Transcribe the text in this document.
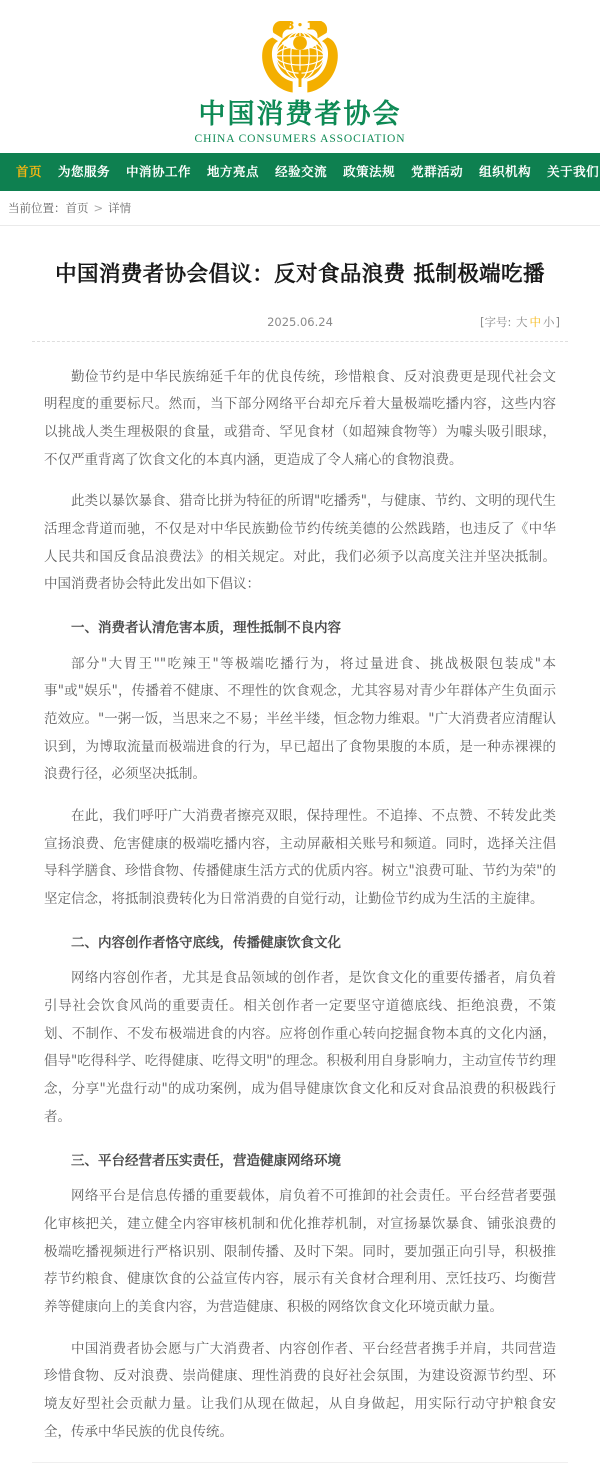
3 15
中国消费者协会
CHINA CONSUMERS ASSOCIATION
首页	为您服务	中消协工作	地方亮点	经验交流	政策法规	党群活动	组织机构	关于我们
当前位置：首页 > 详情
中国消费者协会倡议：反对食品浪费 抵制极端吃播
2025.06.24	[字号: 大 中 小]

勤俭节约是中华民族绵延千年的优良传统，珍惜粮食、反对浪费更是现代社会文明程度的重要标尺。然而，当下部分网络平台却充斥着大量极端吃播内容，这些内容以挑战人类生理极限的食量，或猎奇、罕见食材（如超辣食物等）为噱头吸引眼球，不仅严重背离了饮食文化的本真内涵，更造成了令人痛心的食物浪费。

此类以暴饮暴食、猎奇比拼为特征的所谓"吃播秀"，与健康、节约、文明的现代生活理念背道而驰，不仅是对中华民族勤俭节约传统美德的公然践踏，也违反了《中华人民共和国反食品浪费法》的相关规定。对此，我们必须予以高度关注并坚决抵制。中国消费者协会特此发出如下倡议：

一、消费者认清危害本质，理性抵制不良内容

部分"大胃王""吃辣王"等极端吃播行为，将过量进食、挑战极限包装成"本事"或"娱乐"，传播着不健康、不理性的饮食观念，尤其容易对青少年群体产生负面示范效应。"一粥一饭，当思来之不易；半丝半缕，恒念物力维艰。"广大消费者应清醒认识到，为博取流量而极端进食的行为，早已超出了食物果腹的本质，是一种赤裸裸的浪费行径，必须坚决抵制。

在此，我们呼吁广大消费者擦亮双眼，保持理性。不追捧、不点赞、不转发此类宣扬浪费、危害健康的极端吃播内容，主动屏蔽相关账号和频道。同时，选择关注倡导科学膳食、珍惜食物、传播健康生活方式的优质内容。树立"浪费可耻、节约为荣"的坚定信念，将抵制浪费转化为日常消费的自觉行动，让勤俭节约成为生活的主旋律。

二、内容创作者恪守底线，传播健康饮食文化

网络内容创作者，尤其是食品领域的创作者，是饮食文化的重要传播者，肩负着引导社会饮食风尚的重要责任。相关创作者一定要坚守道德底线、拒绝浪费，不策划、不制作、不发布极端进食的内容。应将创作重心转向挖掘食物本真的文化内涵，倡导"吃得科学、吃得健康、吃得文明"的理念。积极利用自身影响力，主动宣传节约理念，分享"光盘行动"的成功案例，成为倡导健康饮食文化和反对食品浪费的积极践行者。

三、平台经营者压实责任，营造健康网络环境

网络平台是信息传播的重要载体，肩负着不可推卸的社会责任。平台经营者要强化审核把关，建立健全内容审核机制和优化推荐机制，对宣扬暴饮暴食、铺张浪费的极端吃播视频进行严格识别、限制传播、及时下架。同时，要加强正向引导，积极推荐节约粮食、健康饮食的公益宣传内容，展示有关食材合理利用、烹饪技巧、均衡营养等健康向上的美食内容，为营造健康、积极的网络饮食文化环境贡献力量。

中国消费者协会愿与广大消费者、内容创作者、平台经营者携手并肩，共同营造珍惜食物、反对浪费、崇尚健康、理性消费的良好社会氛围，为建设资源节约型、环境友好型社会贡献力量。让我们从现在做起，从自身做起，用实际行动守护粮食安全，传承中华民族的优良传统。
